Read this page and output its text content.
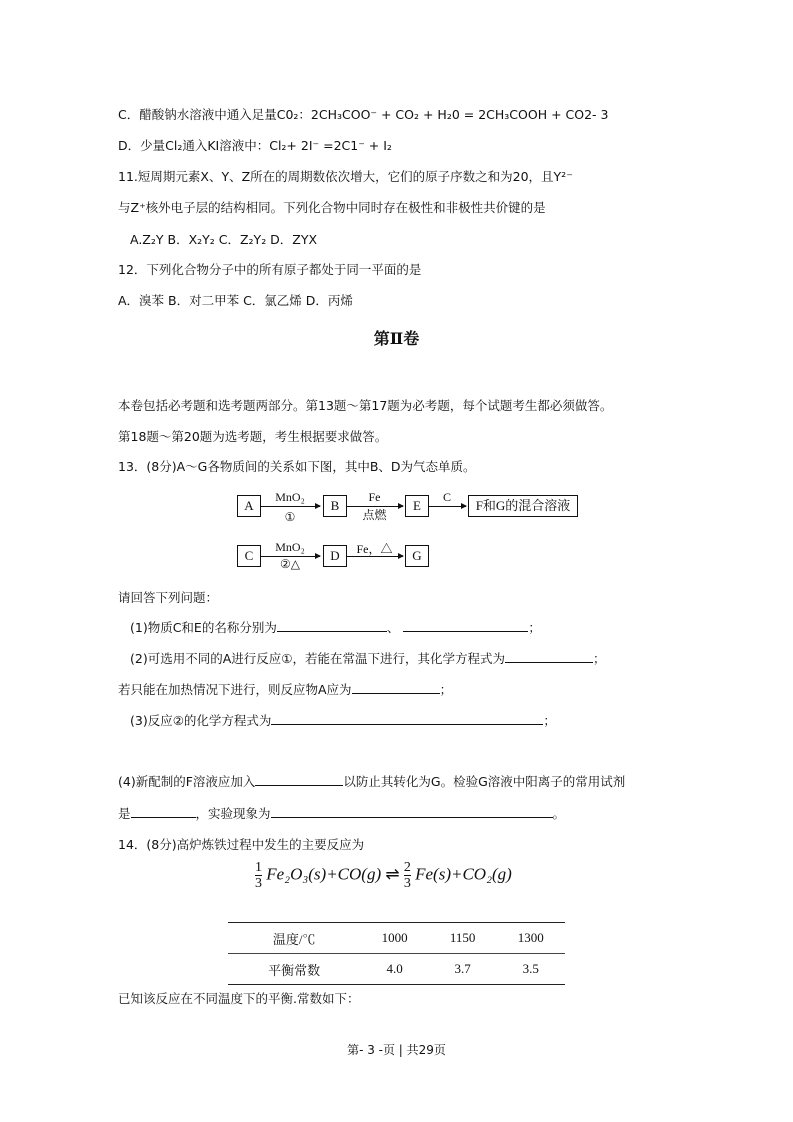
C．醋酸钠水溶液中通入足量C0₂：2CH₃COO⁻ + CO₂ + H₂0 = 2CH₃COOH + CO2- 3
D．少量Cl₂通入KI溶液中：Cl₂+ 2I⁻ =2C1⁻ + I₂
11.短周期元素X、Y、Z所在的周期数依次增大，它们的原子序数之和为20，且Y²⁻
与Z⁺核外电子层的结构相同。下列化合物中同时存在极性和非极性共价键的是
A.Z₂Y B．X₂Y₂ C．Z₂Y₂ D．ZYX
12．下列化合物分子中的所有原子都处于同一平面的是
A．溴苯 B．对二甲苯 C．氯乙烯 D．丙烯
第Ⅱ卷
本卷包括必考题和选考题两部分。第13题～第17题为必考题，每个试题考生都必须做答。
第18题～第20题为选考题，考生根据要求做答。
13．(8分)A～G各物质间的关系如下图，其中B、D为气态单质。
A
MnO₂
①
B
Fe
点燃
E
C
F和G的混合溶液
C
MnO₂
②△
D	Fe，△	G
请回答下列问题：
(1)物质C和E的名称分别为	、	；
(2)可选用不同的A进行反应①，若能在常温下进行，其化学方程式为	；
若只能在加热情况下进行，则反应物A应为	；
(3)反应②的化学方程式为	；
(4)新配制的F溶液应加入	以防止其转化为G。检验G溶液中阳离子的常用试剂
是	，实验现象为	。
14．(8分)高炉炼铁过程中发生的主要反应为
$\frac{1}{3} Fe_2O_3(s)+CO(g)$ ⇌ $\frac{2}{3} Fe(s)+CO_2(g)$
温度/℃	1000	1150	1300
平衡常数	4.0	3.7	3.5
已知该反应在不同温度下的平衡.常数如下：
第- 3 -页 | 共29页
